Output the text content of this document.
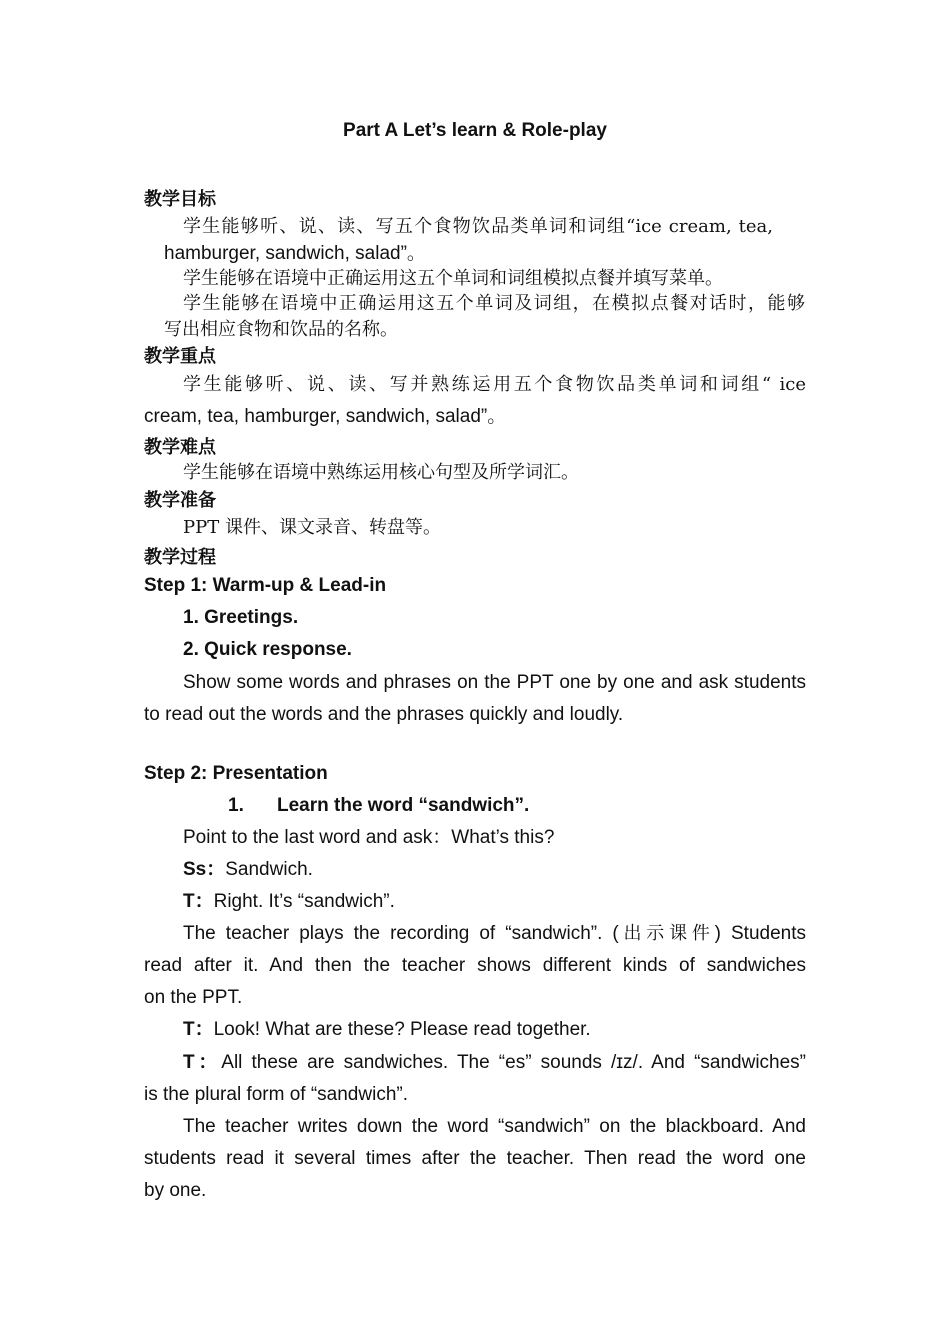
Part A Let’s learn & Role-play
教学目标
学生能够听、说、读、写五个食物饮品类单词和词组“ice cream, tea,
hamburger, sandwich, salad”。
学生能够在语境中正确运用这五个单词和词组模拟点餐并填写菜单。
学生能够在语境中正确运用这五个单词及词组，在模拟点餐对话时，能够
写出相应食物和饮品的名称。
教学重点
学生能够听、说、读、写并熟练运用五个食物饮品类单词和词组“ ice
cream, tea, hamburger, sandwich, salad”。
教学难点
学生能够在语境中熟练运用核心句型及所学词汇。
教学准备
PPT 课件、课文录音、转盘等。
教学过程
Step 1: Warm-up & Lead-in
1. Greetings.
2. Quick response.
Show some words and phrases on the PPT one by one and ask students
to read out the words and the phrases quickly and loudly.
Step 2: Presentation
1. Learn the word “sandwich”.
Point to the last word and ask：What’s this?
Ss：Sandwich.
T：Right. It’s “sandwich”.
The teacher plays the recording of “sandwich”. (出示课件) Students
read after it. And then the teacher shows different kinds of sandwiches
on the PPT.
T：Look! What are these? Please read together.
T：All these are sandwiches. The “es” sounds /ɪz/. And “sandwiches”
is the plural form of “sandwich”.
The teacher writes down the word “sandwich” on the blackboard. And
students read it several times after the teacher. Then read the word one
by one.
